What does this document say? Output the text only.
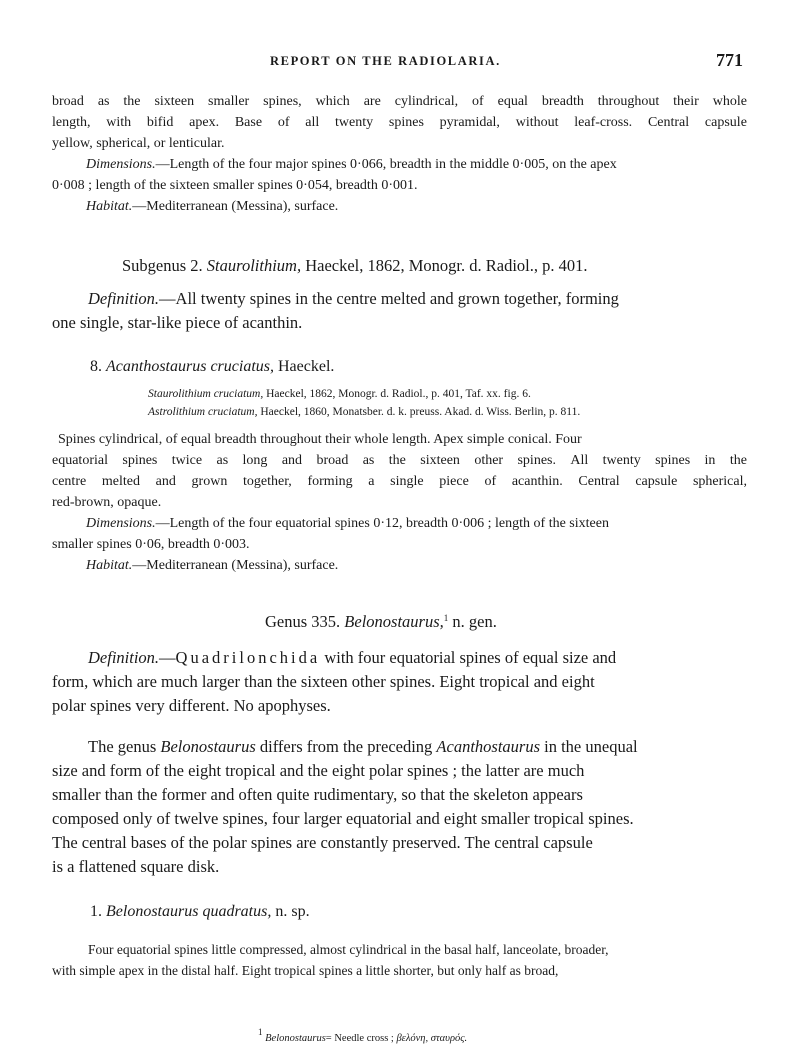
REPORT ON THE RADIOLARIA.	771
broad as the sixteen smaller spines, which are cylindrical, of equal breadth throughout their whole
length, with bifid apex. Base of all twenty spines pyramidal, without leaf-cross. Central capsule
yellow, spherical, or lenticular.
Dimensions.—Length of the four major spines 0·066, breadth in the middle 0·005, on the apex
0·008 ; length of the sixteen smaller spines 0·054, breadth 0·001.
Habitat.—Mediterranean (Messina), surface.
Subgenus 2. Staurolithium, Haeckel, 1862, Monogr. d. Radiol., p. 401.
Definition.—All twenty spines in the centre melted and grown together, forming
one single, star-like piece of acanthin.
8. Acanthostaurus cruciatus, Haeckel.
Staurolithium cruciatum, Haeckel, 1862, Monogr. d. Radiol., p. 401, Taf. xx. fig. 6.
Astrolithium cruciatum, Haeckel, 1860, Monatsber. d. k. preuss. Akad. d. Wiss. Berlin, p. 811.
Spines cylindrical, of equal breadth throughout their whole length. Apex simple conical. Four
equatorial spines twice as long and broad as the sixteen other spines. All twenty spines in the
centre melted and grown together, forming a single piece of acanthin. Central capsule spherical,
red-brown, opaque.
Dimensions.—Length of the four equatorial spines 0·12, breadth 0·006 ; length of the sixteen
smaller spines 0·06, breadth 0·003.
Habitat.—Mediterranean (Messina), surface.
Genus 335. Belonostaurus,$^1$ n. gen.
Definition.—Quadrilonchida with four equatorial spines of equal size and
form, which are much larger than the sixteen other spines. Eight tropical and eight
polar spines very different. No apophyses.
The genus Belonostaurus differs from the preceding Acanthostaurus in the unequal
size and form of the eight tropical and the eight polar spines ; the latter are much
smaller than the former and often quite rudimentary, so that the skeleton appears
composed only of twelve spines, four larger equatorial and eight smaller tropical spines.
The central bases of the polar spines are constantly preserved. The central capsule
is a flattened square disk.
1. Belonostaurus quadratus, n. sp.
Four equatorial spines little compressed, almost cylindrical in the basal half, lanceolate, broader,
with simple apex in the distal half. Eight tropical spines a little shorter, but only half as broad,
$^1$ Belonostaurus= Needle cross ; βελόνη, σταυρός.
